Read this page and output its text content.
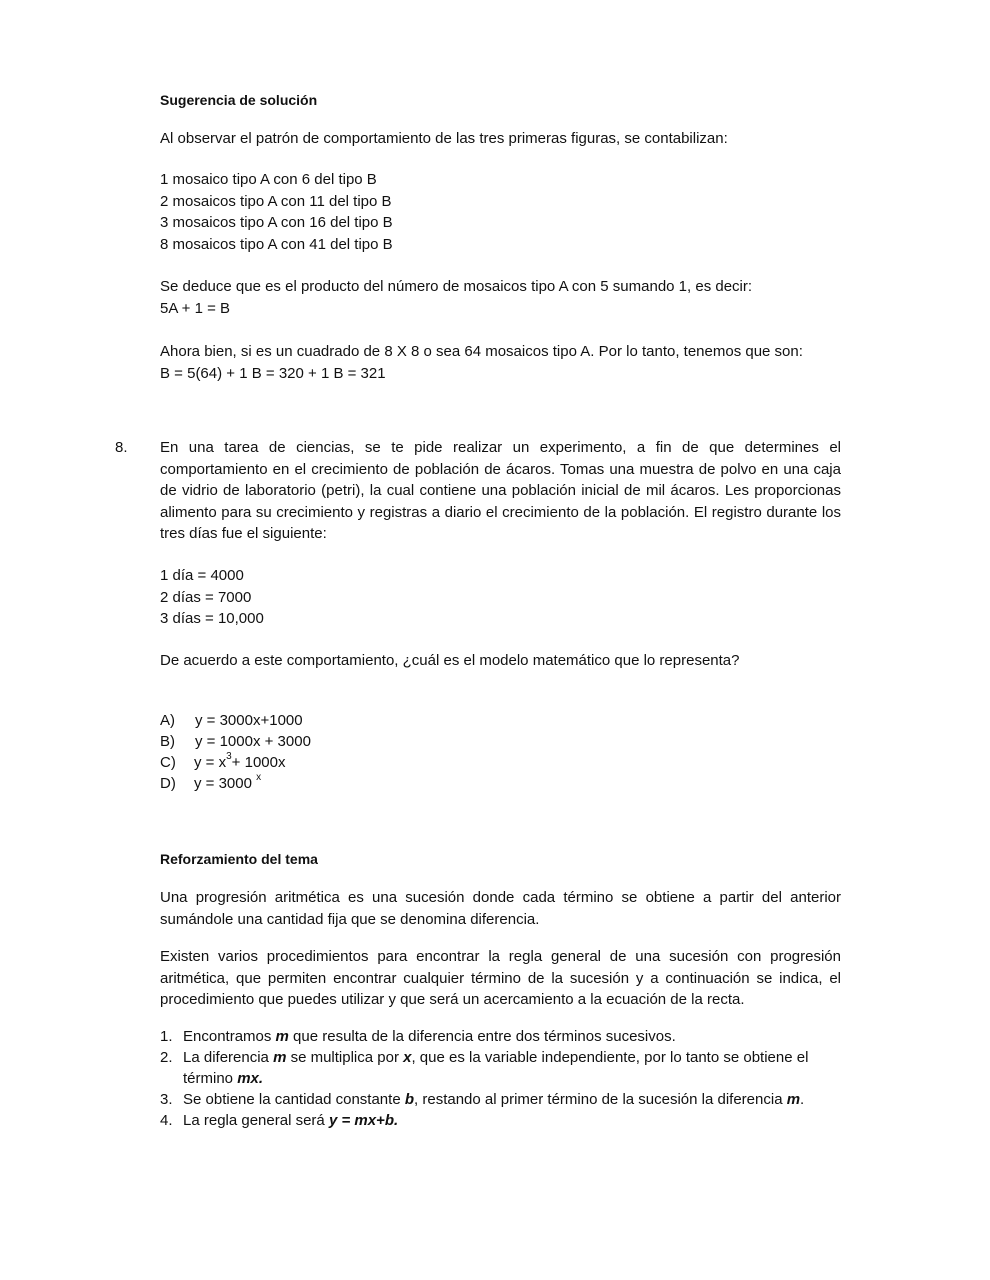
Sugerencia de solución
Al observar el patrón de comportamiento de las tres primeras figuras, se contabilizan:
1 mosaico tipo A con 6 del tipo B
2 mosaicos tipo A con 11 del tipo B
3 mosaicos tipo A con 16 del tipo B
8 mosaicos tipo A con 41 del tipo B
Se deduce que es el producto del número de mosaicos tipo A con 5 sumando 1, es decir:
5A + 1 = B
Ahora bien, si es un cuadrado de 8 X 8 o sea 64 mosaicos tipo A. Por lo tanto, tenemos que son:
B = 5(64) + 1 B = 320 + 1 B = 321
8. En una tarea de ciencias, se te pide realizar un experimento, a fin de que determines el comportamiento en el crecimiento de población de ácaros. Tomas una muestra de polvo en una caja de vidrio de laboratorio (petri), la cual contiene una población inicial de mil ácaros. Les proporcionas alimento para su crecimiento y registras a diario el crecimiento de la población. El registro durante los tres días fue el siguiente:
1 día = 4000
2 días = 7000
3 días = 10,000
De acuerdo a este comportamiento, ¿cuál es el modelo matemático que lo representa?
A) y = 3000x+1000
B) y = 1000x + 3000
C) $y = x^3+ 1000x$
D) y = 3000 $^x$
Reforzamiento del tema
Una progresión aritmética es una sucesión donde cada término se obtiene a partir del anterior sumándole una cantidad fija que se denomina diferencia.
Existen varios procedimientos para encontrar la regla general de una sucesión con progresión aritmética, que permiten encontrar cualquier término de la sucesión y a continuación se indica, el procedimiento que puedes utilizar y que será un acercamiento a la ecuación de la recta.
1. Encontramos m que resulta de la diferencia entre dos términos sucesivos.
2. La diferencia m se multiplica por x, que es la variable independiente, por lo tanto se obtiene el término mx.
3. Se obtiene la cantidad constante b, restando al primer término de la sucesión la diferencia m.
4. La regla general será y = mx+b.
